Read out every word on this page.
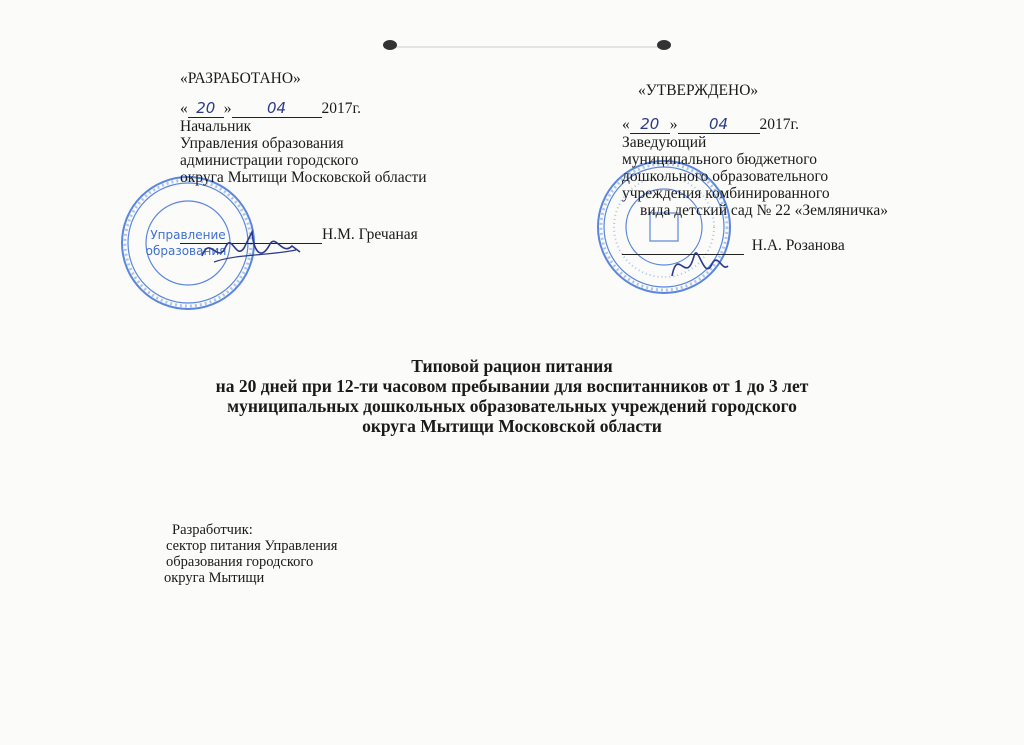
Управление
образования
«РАЗРАБОТАНО»
« 20 » 04 2017г.
Начальник
Управления образования
администрации городского
округа Мытищи Московской области
Н.М. Гречаная
«УТВЕРЖДЕНО»
« 20 » 04 2017г.
Заведующий
муниципального бюджетного
дошкольного образовательного
учреждения комбинированного
вида детский сад № 22 «Земляничка»
Н.А. Розанова
Типовой рацион питания
на 20 дней при 12-ти часовом пребывании для воспитанников от 1 до 3 лет
муниципальных дошкольных образовательных учреждений городского
округа Мытищи Московской области
Разработчик:
сектор питания Управления
образования городского
округа Мытищи
